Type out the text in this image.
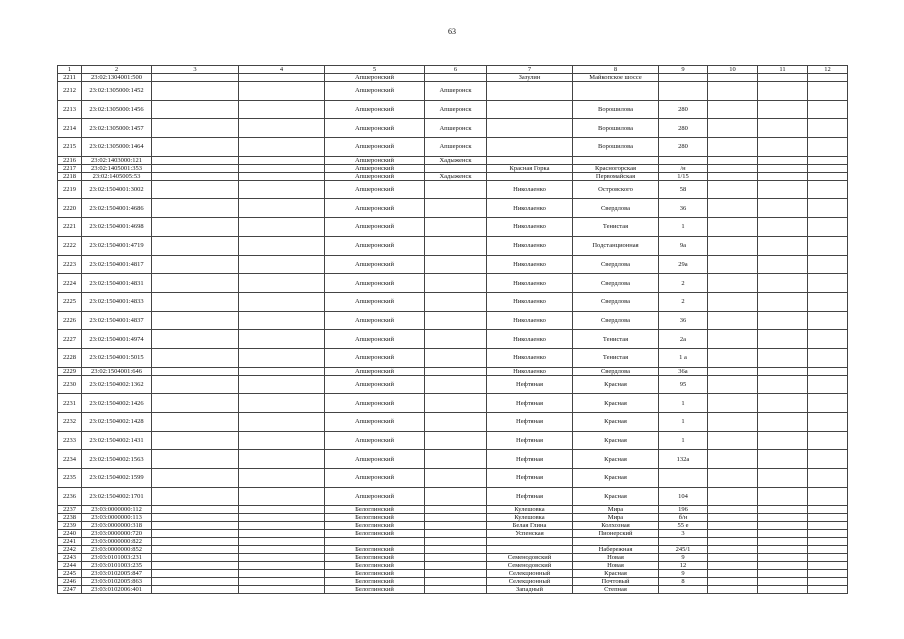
63
1	2	3	4	5	6	7	8	9	10	11	12
2211	23:02:1304001:500			Апшеронский		Зазулин	Майкопское шоссе				
2212	23:02:1305000:1452			Апшеронский	Апшеронск						
2213	23:02:1305000:1456			Апшеронский	Апшеронск		Ворошилова	280			
2214	23:02:1305000:1457			Апшеронский	Апшеронск		Ворошилова	280			
2215	23:02:1305000:1464			Апшеронский	Апшеронск		Ворошилова	280			
2216	23:02:1403000:121			Апшеронский	Хадыженск						
2217	23:02:1405001:353			Апшеронский		Красная Горка	Красногорская	/н			
2218	23:02:1405005:53			Апшеронский	Хадыженск		Первомайская	1/15			
2219	23:02:1504001:3002			Апшеронский		Николаенко	Островского	58			
2220	23:02:1504001:4686			Апшеронский		Николаенко	Свердлова	36			
2221	23:02:1504001:4698			Апшеронский		Николаенко	Тенистая	1			
2222	23:02:1504001:4719			Апшеронский		Николаенко	Подстанционная	9а			
2223	23:02:1504001:4817			Апшеронский		Николаенко	Свердлова	29а			
2224	23:02:1504001:4831			Апшеронский		Николаенко	Свердлова	2			
2225	23:02:1504001:4833			Апшеронский		Николаенко	Свердлова	2			
2226	23:02:1504001:4837			Апшеронский		Николаенко	Свердлова	36			
2227	23:02:1504001:4974			Апшеронский		Николаенко	Тенистая	2а			
2228	23:02:1504001:5015			Апшеронский		Николаенко	Тенистая	1 а			
2229	23:02:1504001:646			Апшеронский		Николаенко	Свердлова	36а			
2230	23:02:1504002:1362			Апшеронский		Нефтяная	Красная	95			
2231	23:02:1504002:1426			Апшеронский		Нефтяная	Красная	1			
2232	23:02:1504002:1428			Апшеронский		Нефтяная	Красная	1			
2233	23:02:1504002:1431			Апшеронский		Нефтяная	Красная	1			
2234	23:02:1504002:1563			Апшеронский		Нефтяная	Красная	132а			
2235	23:02:1504002:1599			Апшеронский		Нефтяная	Красная				
2236	23:02:1504002:1701			Апшеронский		Нефтяная	Красная	104			
2237	23:03:0000000:112			Белоглинский		Кулешовка	Мира	196			
2238	23:03:0000000:113			Белоглинский		Кулешовка	Мира	б/н			
2239	23:03:0000000:318			Белоглинский		Белая Глина	Колхозная	55 е			
2240	23:03:0000000:720			Белоглинский		Успенская	Пионерский	3			
2241	23:03:0000000:822										
2242	23:03:0000000:852			Белоглинский			Набережная	245/1			
2243	23:03:0101003:231			Белоглинский		Семенодовский	Новая	9			
2244	23:03:0101003:235			Белоглинский		Семенодовский	Новая	12			
2245	23:03:0102005:847			Белоглинский		Селекционный	Красная	9			
2246	23:03:0102005:863			Белоглинский		Селекционный	Почтовый	8			
2247	23:03:0102006:401			Белоглинский		Западный	Степная				
